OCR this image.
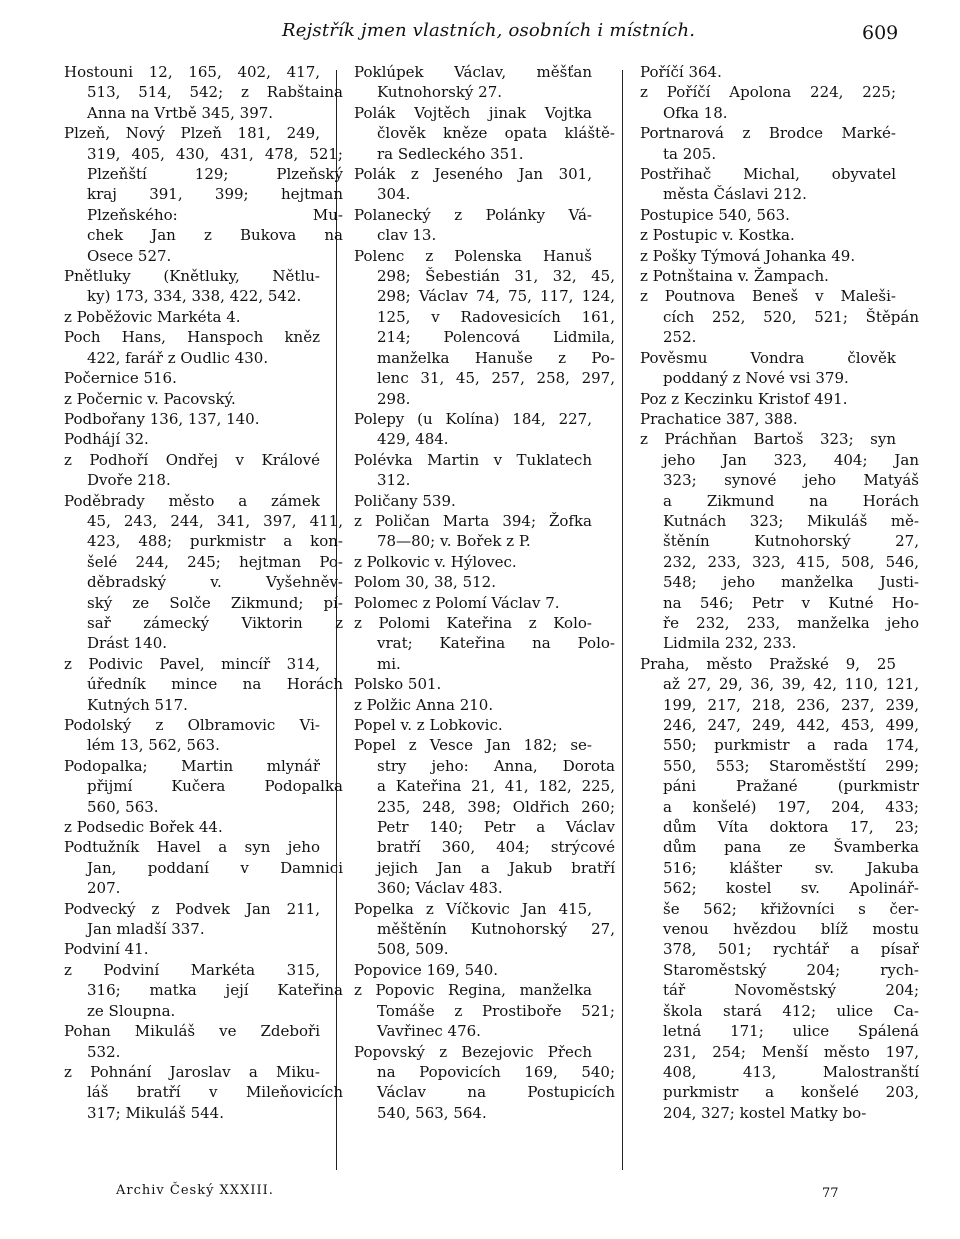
Rejstřík jmen vlastních, osobních i místních.	609
Hostouni 12, 165, 402, 417,
513, 514, 542; z Rabštaina
Anna na Vrtbě 345, 397.
Plzeň, Nový Plzeň 181, 249,
319, 405, 430, 431, 478, 521;
Plzeňští 129; Plzeňský
kraj 391, 399; hejtman
Plzeňského: Mu-
chek Jan z Bukova na
Osece 527.
Pnětluky (Knětluky, Nětlu-
ky) 173, 334, 338, 422, 542.
z Poběžovic Markéta 4.
Poch Hans, Hanspoch kněz
422, farář z Oudlic 430.
Počernice 516.
z Počernic v. Pacovský.
Podbořany 136, 137, 140.
Podhájí 32.
z Podhoří Ondřej v Králové
Dvoře 218.
Poděbrady město a zámek
45, 243, 244, 341, 397, 411,
423, 488; purkmistr a kon-
šelé 244, 245; hejtman Po-
děbradský v. Vyšehněv-
ský ze Solče Zikmund; pí-
sař zámecký Viktorin z
Drást 140.
z Podivic Pavel, mincíř 314,
úředník mince na Horách
Kutných 517.
Podolský z Olbramovic Vi-
lém 13, 562, 563.
Podopalka; Martin mlynář
přijmí Kučera Podopalka
560, 563.
z Podsedic Bořek 44.
Podtužník Havel a syn jeho
Jan, poddaní v Damnici
207.
Podvecký z Podvek Jan 211,
Jan mladší 337.
Podviní 41.
z Podviní Markéta 315,
316; matka její Kateřina
ze Sloupna.
Pohan Mikuláš ve Zdeboři
532.
z Pohnání Jaroslav a Miku-
láš bratří v Mileňovicích
317; Mikuláš 544.
Poklúpek Václav, měšťan
Kutnohorský 27.
Polák Vojtěch jinak Vojtka
člověk kněze opata kláště-
ra Sedleckého 351.
Polák z Jeseného Jan 301,
304.
Polanecký z Polánky Vá-
clav 13.
Polenc z Polenska Hanuš
298; Šebestián 31, 32, 45,
298; Václav 74, 75, 117, 124,
125, v Radovesicích 161,
214; Polencová Lidmila,
manželka Hanuše z Po-
lenc 31, 45, 257, 258, 297,
298.
Polepy (u Kolína) 184, 227,
429, 484.
Polévka Martin v Tuklatech
312.
Poličany 539.
z Poličan Marta 394; Žofka
78—80; v. Bořek z P.
z Polkovic v. Hýlovec.
Polom 30, 38, 512.
Polomec z Polomí Václav 7.
z Polomi Kateřina z Kolo-
vrat; Kateřina na Polo-
mi.
Polsko 501.
z Polžic Anna 210.
Popel v. z Lobkovic.
Popel z Vesce Jan 182; se-
stry jeho: Anna, Dorota
a Kateřina 21, 41, 182, 225,
235, 248, 398; Oldřich 260;
Petr 140; Petr a Václav
bratří 360, 404; strýcové
jejich Jan a Jakub bratří
360; Václav 483.
Popelka z Víčkovic Jan 415,
měštěnín Kutnohorský 27,
508, 509.
Popovice 169, 540.
z Popovic Regina, manželka
Tomáše z Prostiboře 521;
Vavřinec 476.
Popovský z Bezejovic Přech
na Popovicích 169, 540;
Václav na Postupicích
540, 563, 564.
Poříčí 364.
z Poříčí Apolona 224, 225;
Ofka 18.
Portnarová z Brodce Marké-
ta 205.
Postřihač Michal, obyvatel
města Čáslavi 212.
Postupice 540, 563.
z Postupic v. Kostka.
z Pošky Týmová Johanka 49.
z Potnštaina v. Žampach.
z Poutnova Beneš v Maleši-
cích 252, 520, 521; Štěpán
252.
Pověsmu Vondra člověk
poddaný z Nové vsi 379.
Poz z Keczinku Kristof 491.
Prachatice 387, 388.
z Práchňan Bartoš 323; syn
jeho Jan 323, 404; Jan
323; synové jeho Matyáš
a Zikmund na Horách
Kutnách 323; Mikuláš mě-
štěnín Kutnohorský 27,
232, 233, 323, 415, 508, 546,
548; jeho manželka Justi-
na 546; Petr v Kutné Ho-
ře 232, 233, manželka jeho
Lidmila 232, 233.
Praha, město Pražské 9, 25
až 27, 29, 36, 39, 42, 110, 121,
199, 217, 218, 236, 237, 239,
246, 247, 249, 442, 453, 499,
550; purkmistr a rada 174,
550, 553; Staroměstští 299;
páni Pražané (purkmistr
a konšelé) 197, 204, 433;
dům Víta doktora 17, 23;
dům pana ze Švamberka
516; klášter sv. Jakuba
562; kostel sv. Apolinář-
še 562; křižovníci s čer-
venou hvězdou blíž mostu
378, 501; rychtář a písař
Staroměstský 204; rych-
tář Novoměstský 204;
škola stará 412; ulice Ca-
letná 171; ulice Spálená
231, 254; Menší město 197,
408, 413, Malostranští
purkmistr a konšelé 203,
204, 327; kostel Matky bo-
Archiv Český XXXIII.	77
